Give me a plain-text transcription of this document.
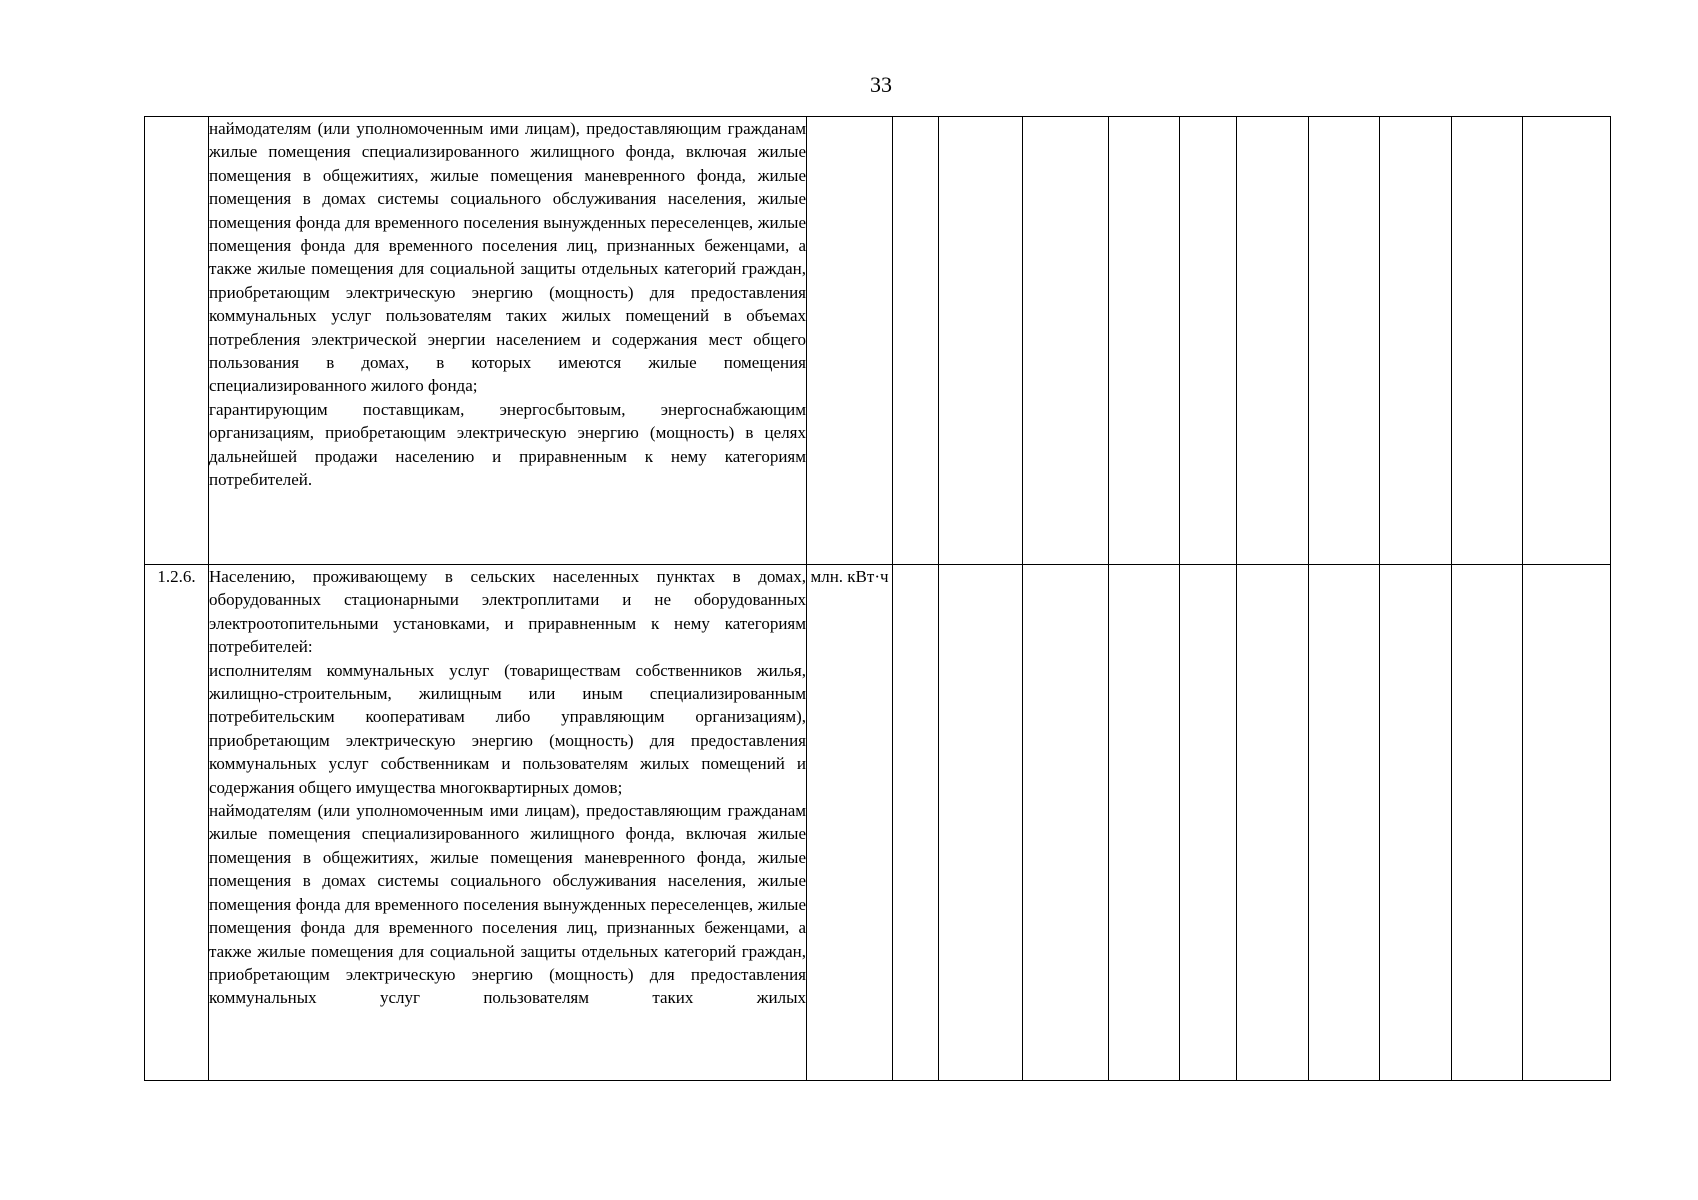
33

	наймодателям (или уполномоченным ими лицам), предоставляющим гражданам жилые помещения специализированного жилищного фонда, включая жилые помещения в общежитиях, жилые помещения маневренного фонда, жилые помещения в домах системы социального обслуживания населения, жилые помещения фонда для временного поселения вынужденных переселенцев, жилые помещения фонда для временного поселения лиц, признанных беженцами, а также жилые помещения для социальной защиты отдельных категорий граждан, приобретающим электрическую энергию (мощность) для предоставления коммунальных услуг пользователям таких жилых помещений в объемах потребления электрической энергии населением и содержания мест общего пользования в домах, в которых имеются жилые помещения специализированного жилого фонда;

гарантирующим поставщикам, энергосбытовым, энергоснабжающим организациям, приобретающим электрическую энергию (мощность) в целях дальнейшей продажи населению и приравненным к нему категориям потребителей.											

1.2.6.	Населению, проживающему в сельских населенных пунктах в домах, оборудованных стационарными электроплитами и не оборудованных электроотопительными установками, и приравненным к нему категориям потребителей:

исполнителям коммунальных услуг (товариществам собственников жилья, жилищно-строительным, жилищным или иным специализированным потребительским кооперативам либо управляющим организациям), приобретающим электрическую энергию (мощность) для предоставления коммунальных услуг собственникам и пользователям жилых помещений и содержания общего имущества многоквартирных домов;

наймодателям (или уполномоченным ими лицам), предоставляющим гражданам жилые помещения специализированного жилищного фонда, включая жилые помещения в общежитиях, жилые помещения маневренного фонда, жилые помещения в домах системы социального обслуживания населения, жилые помещения фонда для временного поселения вынужденных переселенцев, жилые помещения фонда для временного поселения лиц, признанных беженцами, а также жилые помещения для социальной защиты отдельных категорий граждан, приобретающим электрическую энергию (мощность) для предоставления коммунальных услуг пользователям таких жилых	млн. кВт·ч										
